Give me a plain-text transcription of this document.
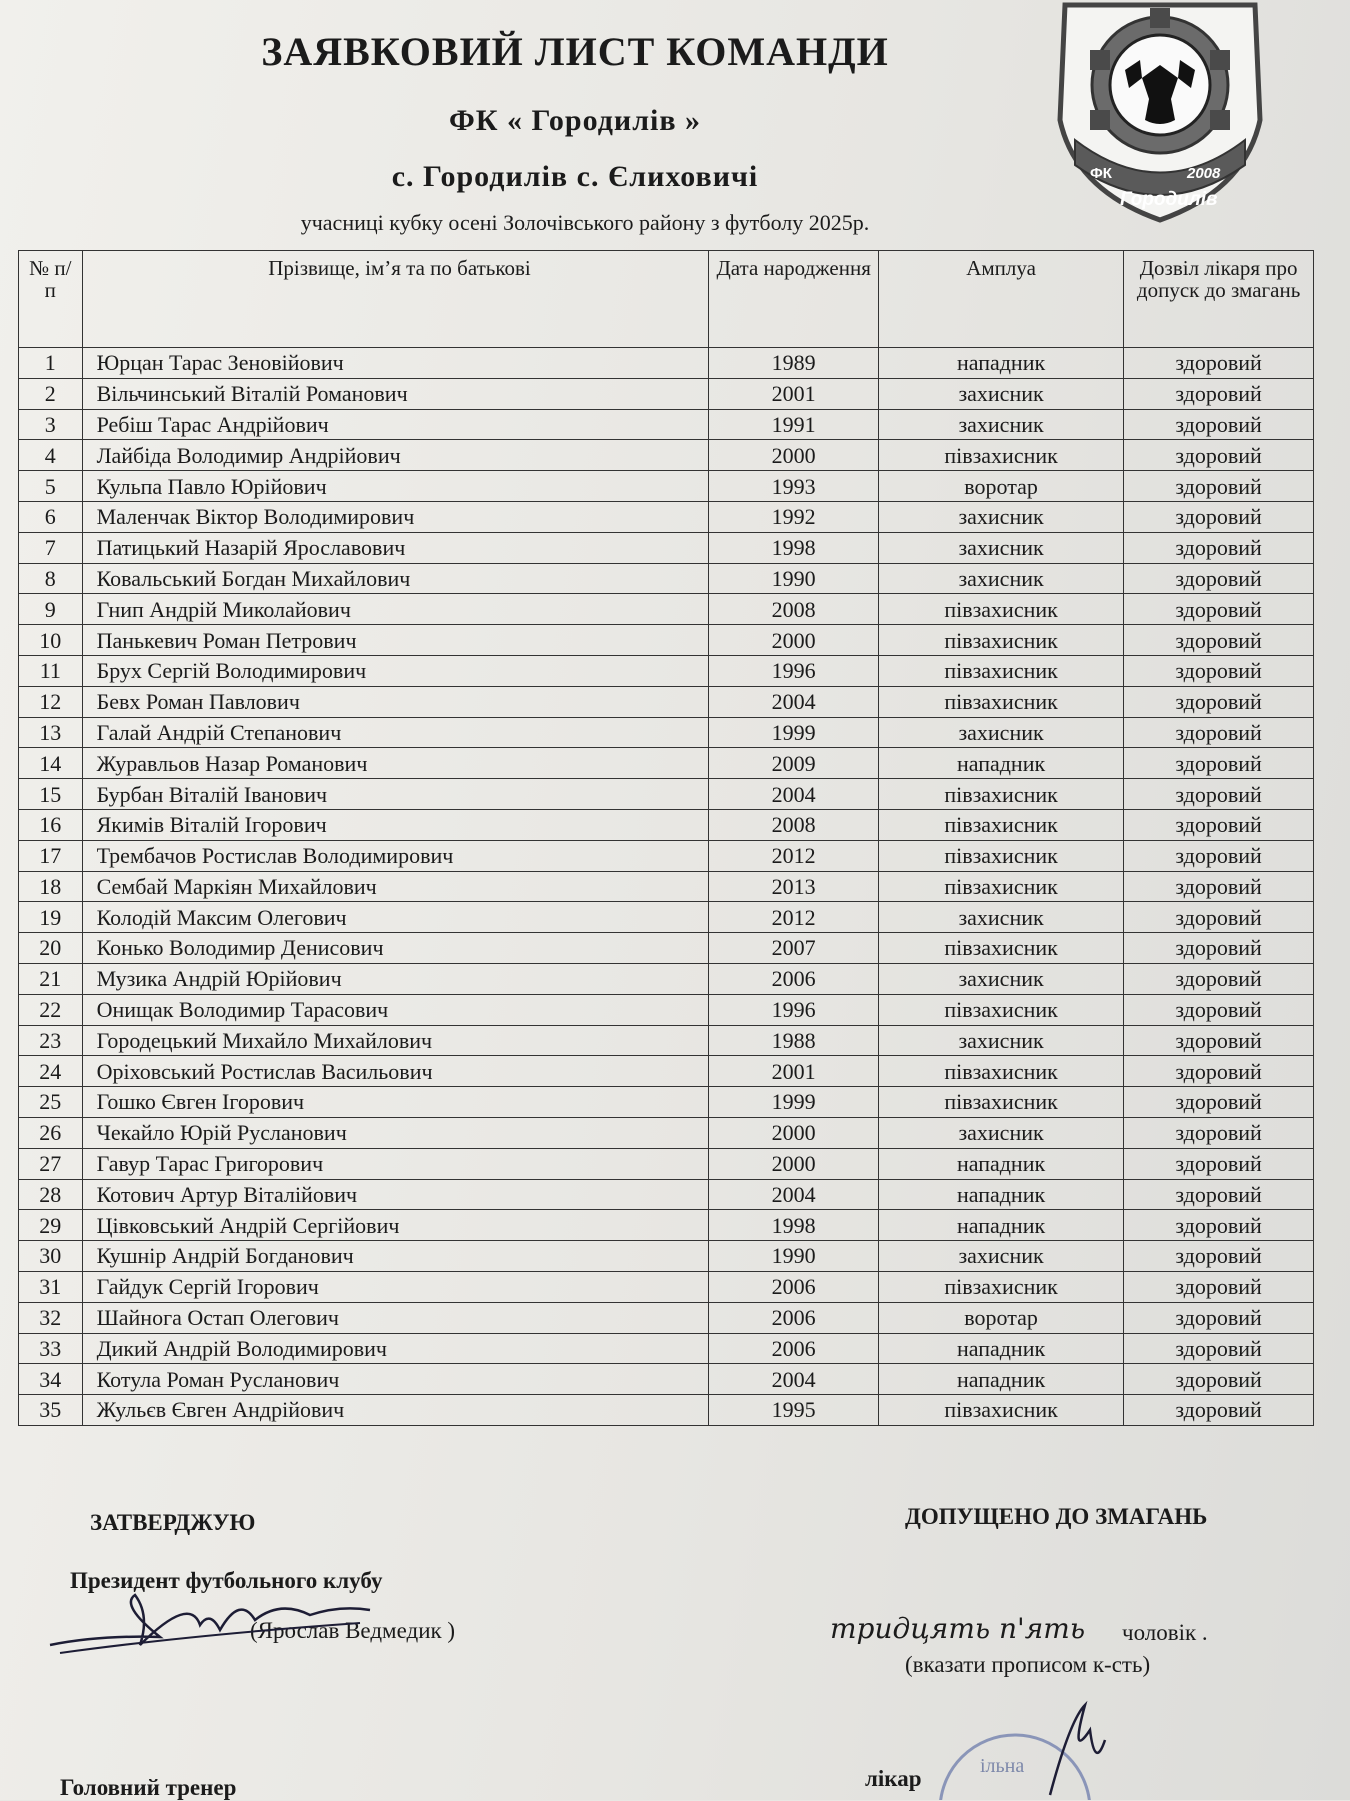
ЗАЯВКОВИЙ ЛИСТ КОМАНДИ
ФК « Городилів »
с. Городилів с. Єлиховичі
учасниці кубку осені Золочівського району з футболу 2025р.
ФК	2008
Городилів
№ п/п	Прізвище, ім’я та по батькові	Дата народження	Амплуа	Дозвіл лікаря про допуск до змагань
1	Юрцан Тарас Зеновійович	1989	нападник	здоровий
2	Вільчинський Віталій Романович	2001	захисник	здоровий
3	Ребіш Тарас Андрійович	1991	захисник	здоровий
4	Лайбіда Володимир Андрійович	2000	півзахисник	здоровий
5	Кульпа Павло Юрійович	1993	воротар	здоровий
6	Маленчак Віктор Володимирович	1992	захисник	здоровий
7	Патицький Назарій Ярославович	1998	захисник	здоровий
8	Ковальський Богдан Михайлович	1990	захисник	здоровий
9	Гнип Андрій Миколайович	2008	півзахисник	здоровий
10	Панькевич Роман Петрович	2000	півзахисник	здоровий
11	Брух Сергій Володимирович	1996	півзахисник	здоровий
12	Бевх Роман Павлович	2004	півзахисник	здоровий
13	Галай Андрій Степанович	1999	захисник	здоровий
14	Журавльов Назар Романович	2009	нападник	здоровий
15	Бурбан Віталій Іванович	2004	півзахисник	здоровий
16	Якимів Віталій Ігорович	2008	півзахисник	здоровий
17	Трембачов Ростислав Володимирович	2012	півзахисник	здоровий
18	Сембай Маркіян Михайлович	2013	півзахисник	здоровий
19	Колодій Максим Олегович	2012	захисник	здоровий
20	Конько Володимир Денисович	2007	півзахисник	здоровий
21	Музика Андрій Юрійович	2006	захисник	здоровий
22	Онищак Володимир Тарасович	1996	півзахисник	здоровий
23	Городецький Михайло Михайлович	1988	захисник	здоровий
24	Оріховський Ростислав Васильович	2001	півзахисник	здоровий
25	Гошко Євген Ігорович	1999	півзахисник	здоровий
26	Чекайло Юрій Русланович	2000	захисник	здоровий
27	Гавур Тарас Григорович	2000	нападник	здоровий
28	Котович Артур Віталійович	2004	нападник	здоровий
29	Цівковський Андрій Сергійович	1998	нападник	здоровий
30	Кушнір Андрій Богданович	1990	захисник	здоровий
31	Гайдук Сергій Ігорович	2006	півзахисник	здоровий
32	Шайнога Остап Олегович	2006	воротар	здоровий
33	Дикий Андрій Володимирович	2006	нападник	здоровий
34	Котула Роман Русланович	2004	нападник	здоровий
35	Жульєв Євген Андрійович	1995	півзахисник	здоровий
ЗАТВЕРДЖУЮ	ДОПУЩЕНО ДО ЗМАГАНЬ
Президент футбольного клубу
(Ярослав Ведмедик )	тридцять п'ять чоловік .
(вказати прописом к-сть)
Головний тренер	лікар	ільна
